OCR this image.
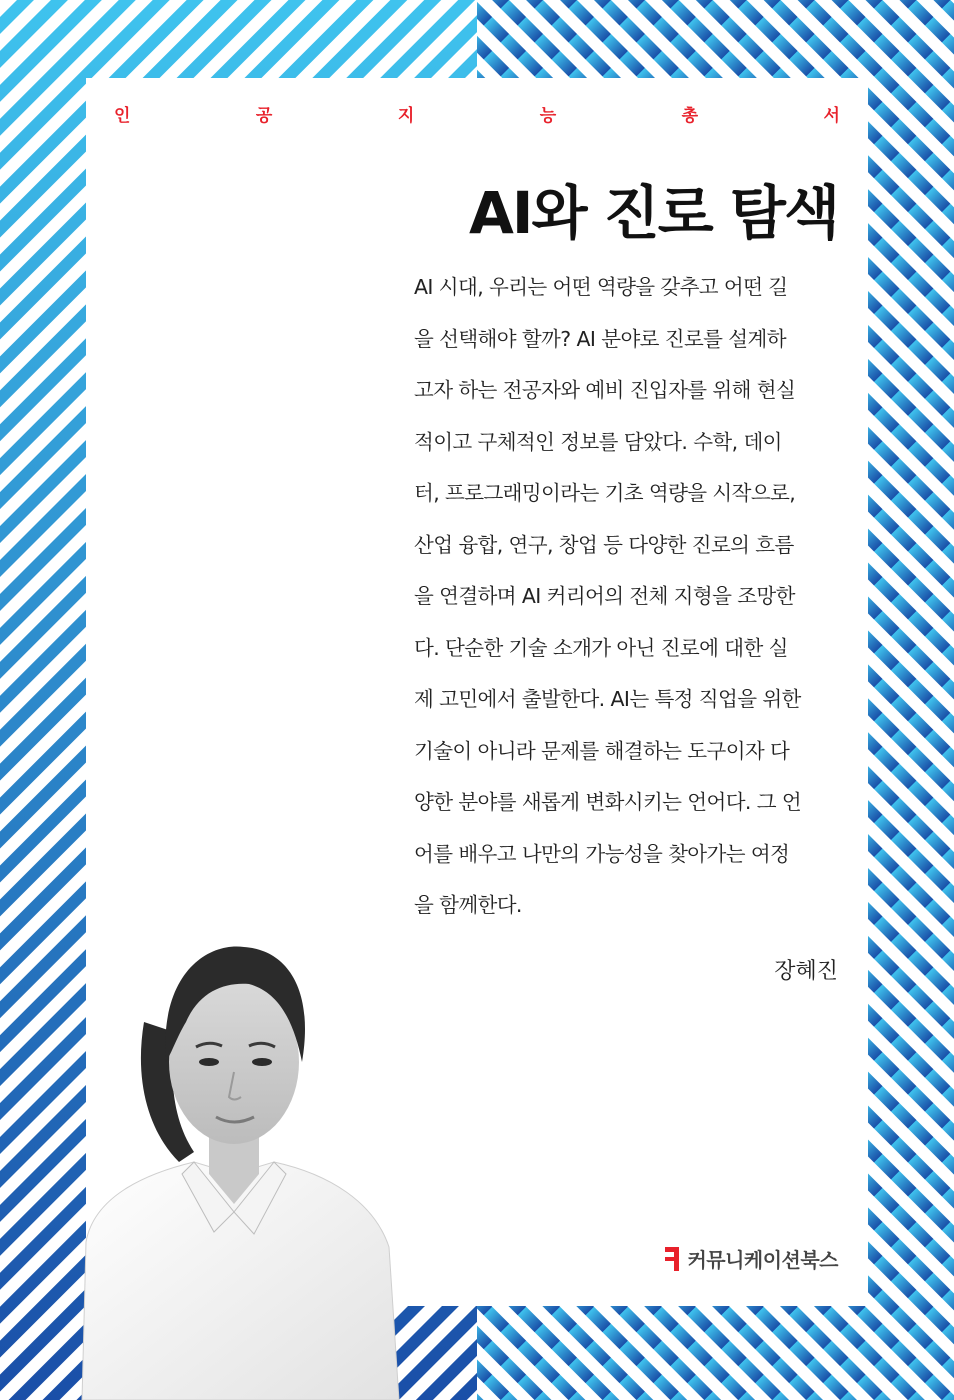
인	공	지	능	총	서
AI와 진로 탐색
AI 시대, 우리는 어떤 역량을 갖추고 어떤 길
을 선택해야 할까? AI 분야로 진로를 설계하
고자 하는 전공자와 예비 진입자를 위해 현실
적이고 구체적인 정보를 담았다. 수학, 데이
터, 프로그래밍이라는 기초 역량을 시작으로,
산업 융합, 연구, 창업 등 다양한 진로의 흐름
을 연결하며 AI 커리어의 전체 지형을 조망한
다. 단순한 기술 소개가 아닌 진로에 대한 실
제 고민에서 출발한다. AI는 특정 직업을 위한
기술이 아니라 문제를 해결하는 도구이자 다
양한 분야를 새롭게 변화시키는 언어다. 그 언
어를 배우고 나만의 가능성을 찾아가는 여정
을 함께한다.
장혜진
커뮤니케이션북스
